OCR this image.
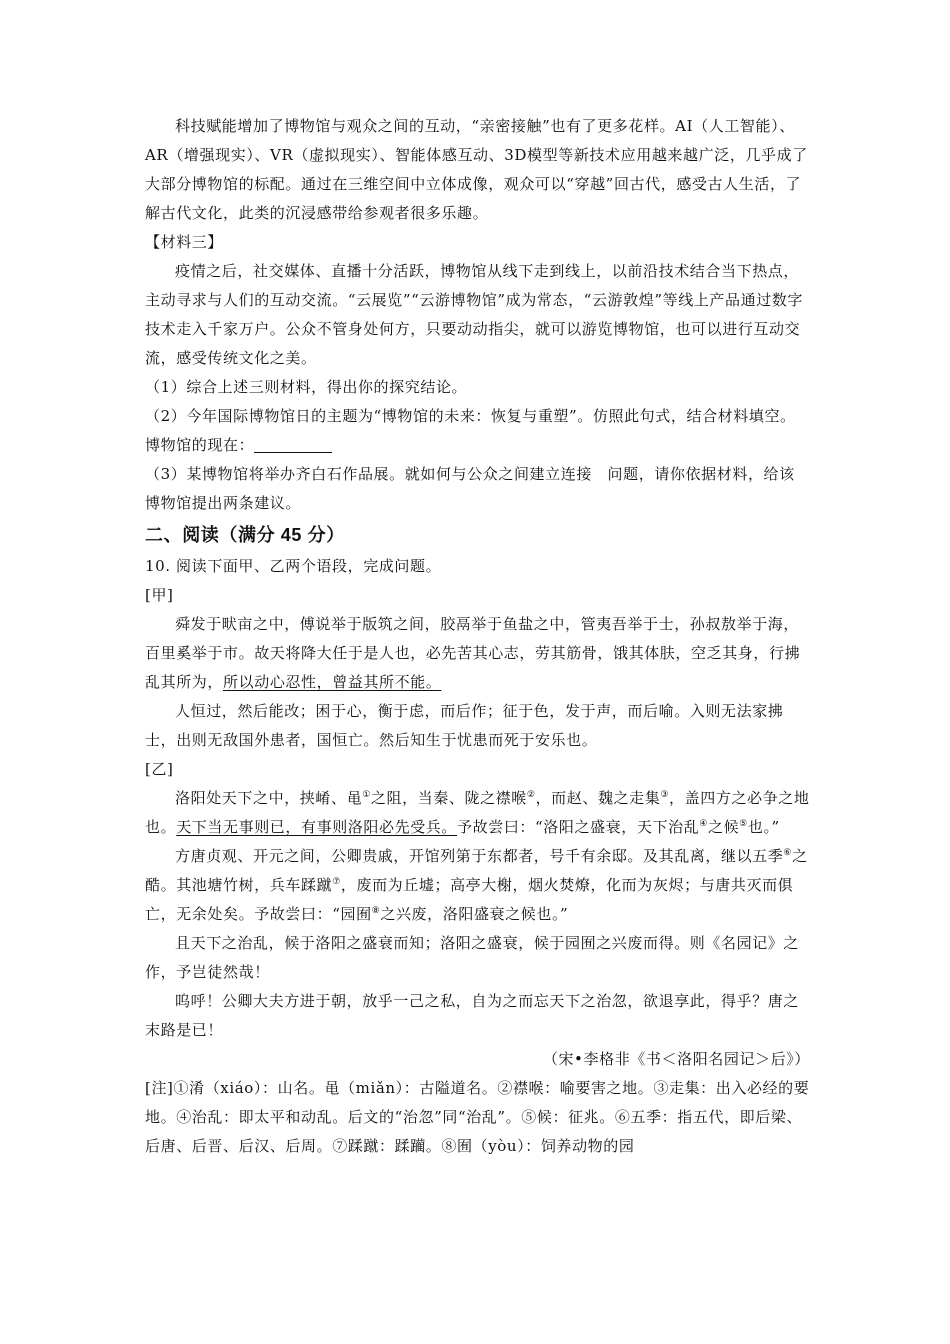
科技赋能增加了博物馆与观众之间的互动，“亲密接触”也有了更多花样。AI（人工智能）、AR（增强现实）、VR（虚拟现实）、智能体感互动、3D模型等新技术应用越来越广泛，几乎成了大部分博物馆的标配。通过在三维空间中立体成像，观众可以“穿越”回古代，感受古人生活，了解古代文化，此类的沉浸感带给参观者很多乐趣。

【材料三】

疫情之后，社交媒体、直播十分活跃，博物馆从线下走到线上，以前沿技术结合当下热点，主动寻求与人们的互动交流。“云展览”“云游博物馆”成为常态，“云游敦煌”等线上产品通过数字技术走入千家万户。公众不管身处何方，只要动动指尖，就可以游览博物馆，也可以进行互动交流，感受传统文化之美。

（1）综合上述三则材料，得出你的探究结论。

（2）今年国际博物馆日的主题为“博物馆的未来：恢复与重塑”。仿照此句式，结合材料填空。

博物馆的现在：

（3）某博物馆将举办齐白石作品展。就如何与公众之间建立连接　问题，请你依据材料，给该博物馆提出两条建议。

二、阅读（满分 45 分）

10. 阅读下面甲、乙两个语段，完成问题。

[甲]

舜发于畎亩之中，傅说举于版筑之间，胶鬲举于鱼盐之中，管夷吾举于士，孙叔敖举于海，百里奚举于市。故天将降大任于是人也，必先苦其心志，劳其筋骨，饿其体肤，空乏其身，行拂乱其所为，所以动心忍性，曾益其所不能。

人恒过，然后能改；困于心，衡于虑，而后作；征于色，发于声，而后喻。入则无法家拂士，出则无敌国外患者，国恒亡。然后知生于忧患而死于安乐也。

[乙]

洛阳处天下之中，挟崤、黾①之阻，当秦、陇之襟喉②，而赵、魏之走集③，盖四方之必争之地也。天下当无事则已，有事则洛阳必先受兵。予故尝曰：“洛阳之盛衰，天下治乱④之候⑤也。”

方唐贞观、开元之间，公卿贵戚，开馆列第于东都者，号千有余邸。及其乱离，继以五季⑥之酷。其池塘竹树，兵车蹂蹴⑦，废而为丘墟；高亭大榭，烟火焚燎，化而为灰烬；与唐共灭而俱亡，无余处矣。予故尝曰：“园囿⑧之兴废，洛阳盛衰之候也。”

且天下之治乱，候于洛阳之盛衰而知；洛阳之盛衰，候于园囿之兴废而得。则《名园记》之作，予岂徒然哉！

呜呼！公卿大夫方进于朝，放乎一己之私，自为之而忘天下之治忽，欲退享此，得乎？唐之末路是已！

（宋•李格非《书＜洛阳名园记＞后》）

[注]①淆（xiáo）：山名。黾（miǎn）：古隘道名。②襟喉：喻要害之地。③走集：出入必经的要地。④治乱：即太平和动乱。后文的“治忽”同“治乱”。⑤候：征兆。⑥五季：指五代，即后梁、后唐、后晋、后汉、后周。⑦蹂蹴：蹂躏。⑧囿（yòu）：饲养动物的园
